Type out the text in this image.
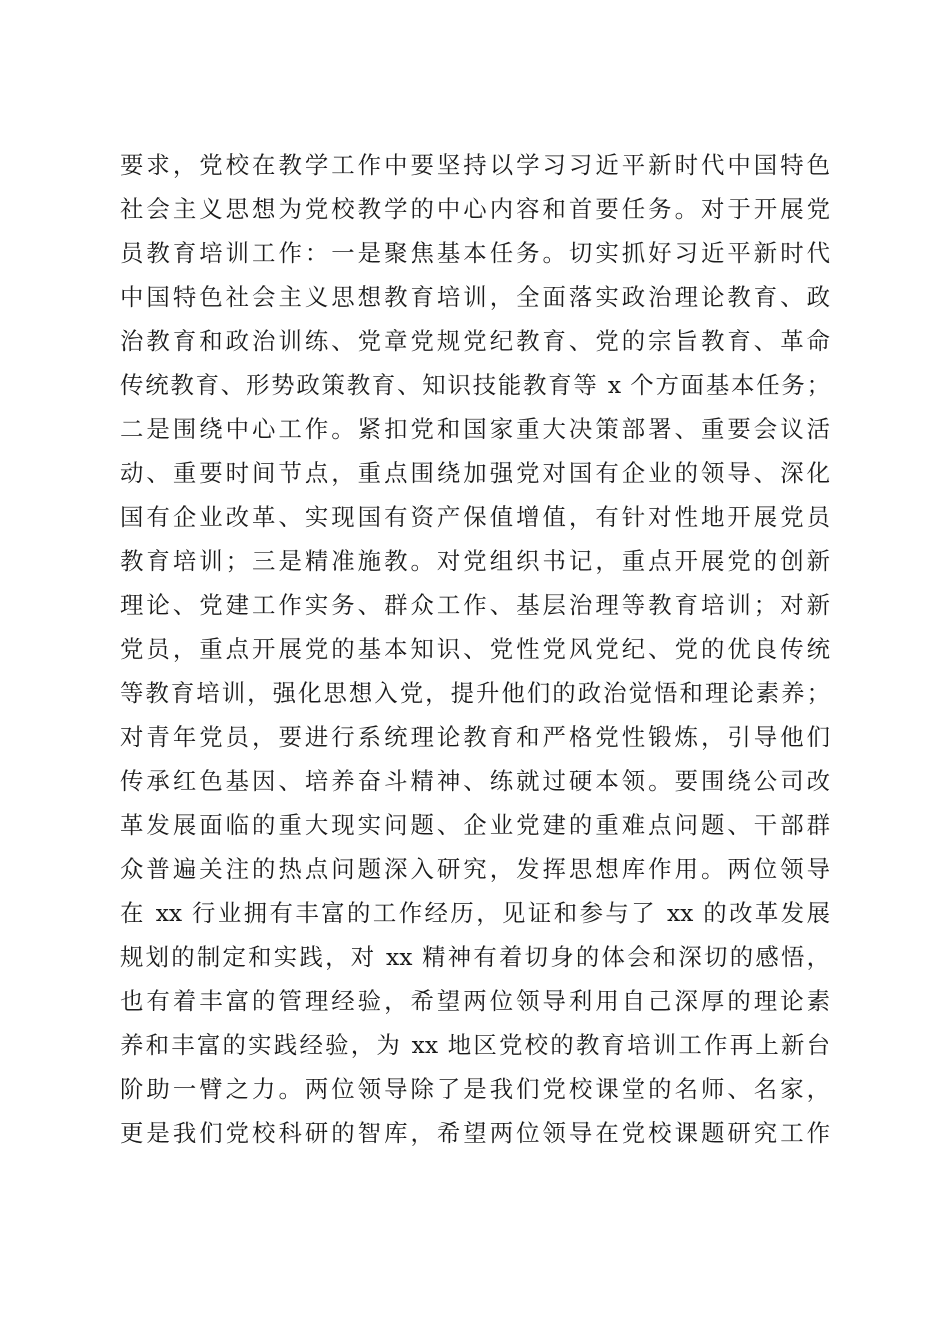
要求，党校在教学工作中要坚持以学习习近平新时代中国特色
社会主义思想为党校教学的中心内容和首要任务。对于开展党
员教育培训工作：一是聚焦基本任务。切实抓好习近平新时代
中国特色社会主义思想教育培训，全面落实政治理论教育、政
治教育和政治训练、党章党规党纪教育、党的宗旨教育、革命
传统教育、形势政策教育、知识技能教育等 x 个方面基本任务；
二是围绕中心工作。紧扣党和国家重大决策部署、重要会议活
动、重要时间节点，重点围绕加强党对国有企业的领导、深化
国有企业改革、实现国有资产保值增值，有针对性地开展党员
教育培训；三是精准施教。对党组织书记，重点开展党的创新
理论、党建工作实务、群众工作、基层治理等教育培训；对新
党员，重点开展党的基本知识、党性党风党纪、党的优良传统
等教育培训，强化思想入党，提升他们的政治觉悟和理论素养；
对青年党员，要进行系统理论教育和严格党性锻炼，引导他们
传承红色基因、培养奋斗精神、练就过硬本领。要围绕公司改
革发展面临的重大现实问题、企业党建的重难点问题、干部群
众普遍关注的热点问题深入研究，发挥思想库作用。两位领导
在 xx 行业拥有丰富的工作经历，见证和参与了 xx 的改革发展
规划的制定和实践，对 xx 精神有着切身的体会和深切的感悟，
也有着丰富的管理经验，希望两位领导利用自己深厚的理论素
养和丰富的实践经验，为 xx 地区党校的教育培训工作再上新台
阶助一臂之力。两位领导除了是我们党校课堂的名师、名家，
更是我们党校科研的智库，希望两位领导在党校课题研究工作
